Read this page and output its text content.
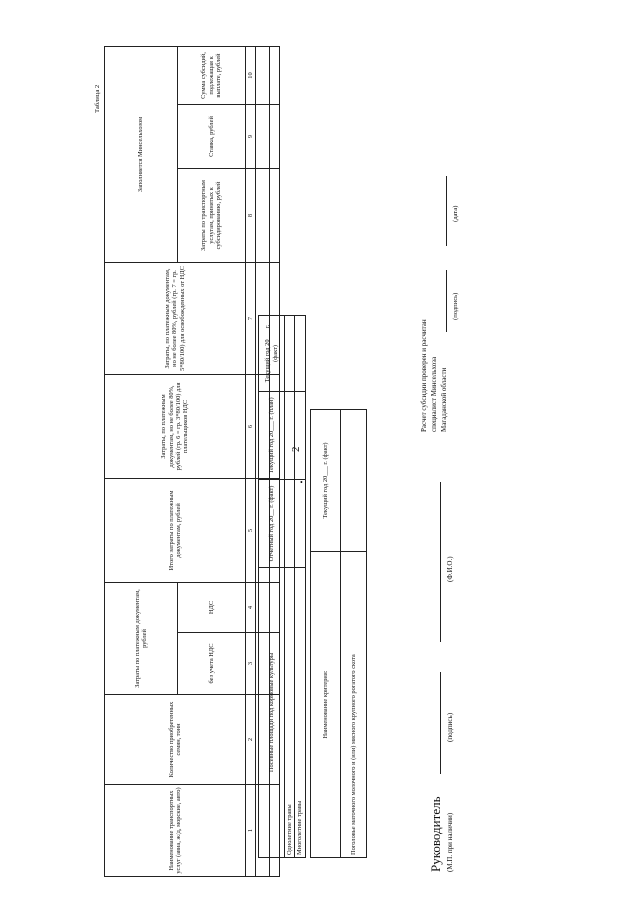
2
•
Таблица 2
Наименование транспортных услуг (авиа, ж/д, морские, авто)	Количество приобретенных семян, тонн	Затраты по платежным документам, рублей		Итого затраты по платежным документам, рублей	Затраты, по платежным документам, но не более 80%, рублей (гр. 6 = гр. 3*80/100) для плательщиков НДС	Затраты, по платежным документам, но не более 80%, рублей (гр. 7 = гр. 5*80/100) для освобожденных от НДС	Заполняется Минсельхозом		
		без учета НДС	НДС				Затраты по транспортным услугам, принятых к субсидированию, рублей	Ставка, рублей	Сумма субсидий, подлежащая к выплате, рублей
1	2	3	4	5	6	7	8	9	10

Посевные площади под кормовые культуры	Отчетный год 20__ г. (факт)	Текущий год 20___ г. (план)	Текущий год 20___ г. (факт)
Однолетние травы			
Многолетние травы			
Наименование критерия:	Текущий год 20___ г. (факт)
Поголовье маточного молочного и (или) мясного крупного рогатого скота		Руководитель (М.П. при наличии)
(подпись)
(Ф.И.О.)
Расчет субсидии проверен и расчитан специалист Минсельхоза Магаданской области
(подпись)
(дата)
